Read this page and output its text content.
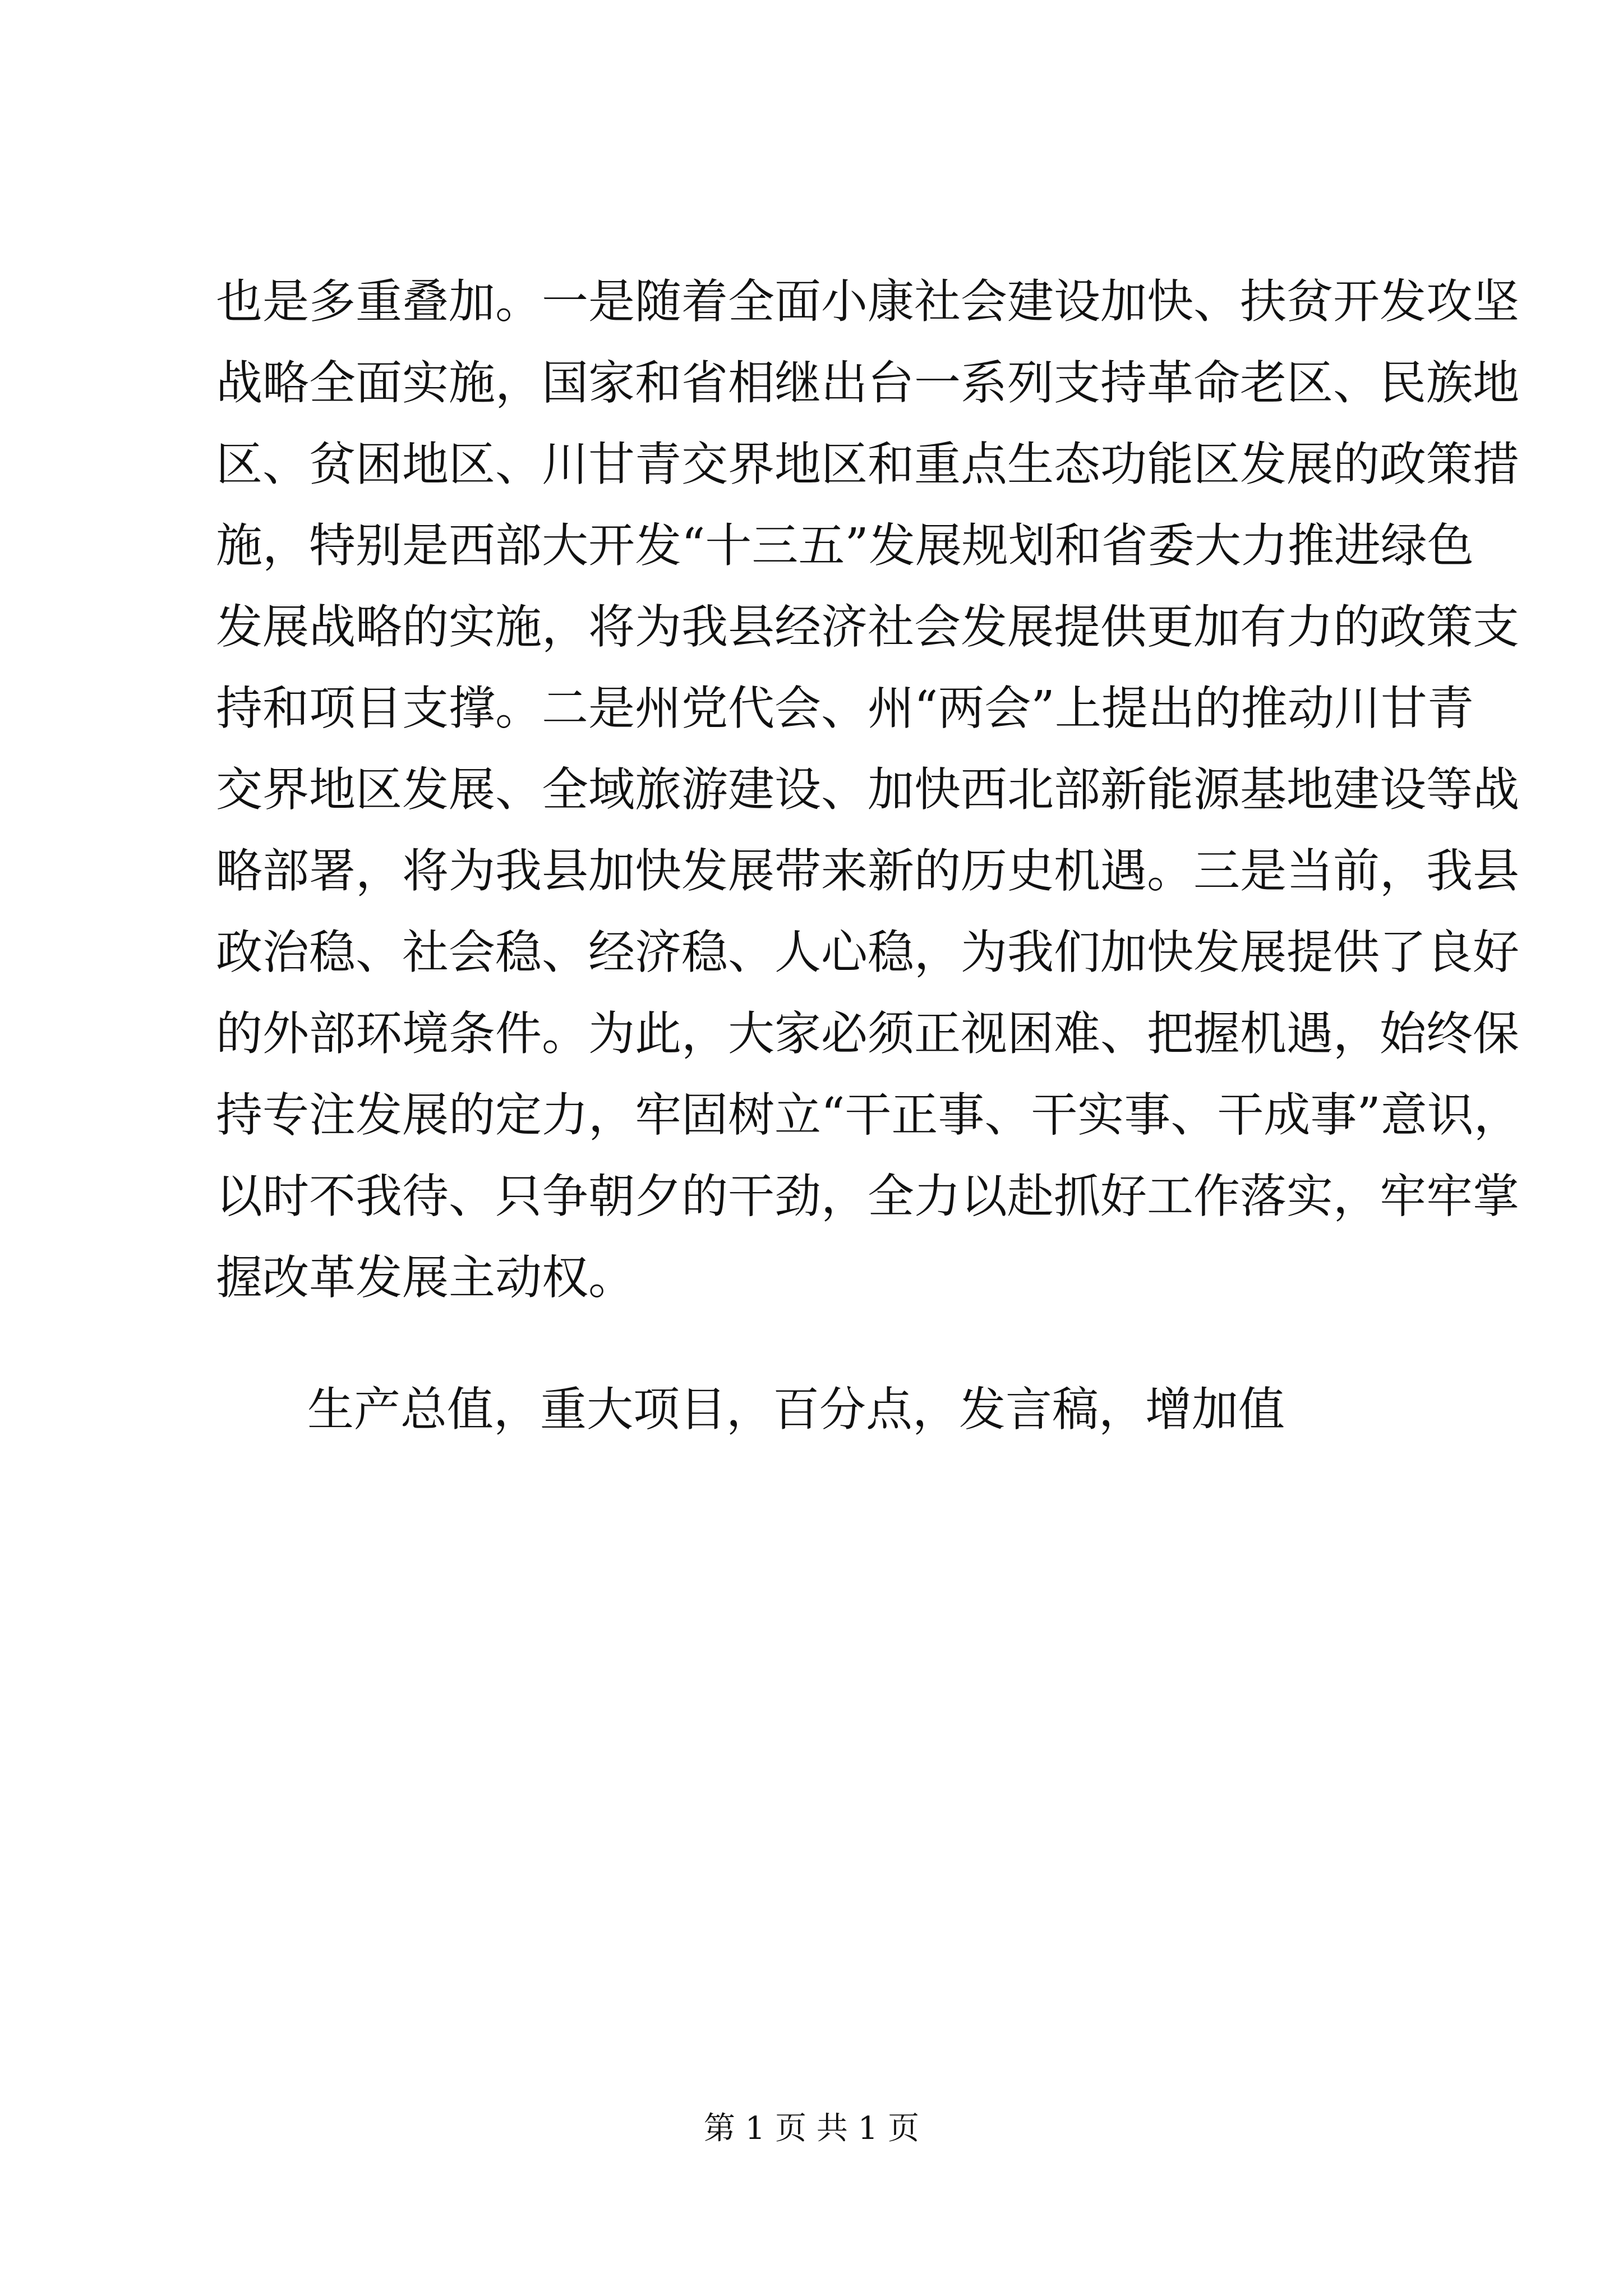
也是多重叠加。一是随着全面小康社会建设加快、扶贫开发攻坚
战略全面实施，国家和省相继出台一系列支持革命老区、民族地
区、贫困地区、川甘青交界地区和重点生态功能区发展的政策措
施，特别是西部大开发“十三五”发展规划和省委大力推进绿色
发展战略的实施，将为我县经济社会发展提供更加有力的政策支
持和项目支撑。二是州党代会、州“两会”上提出的推动川甘青
交界地区发展、全域旅游建设、加快西北部新能源基地建设等战
略部署，将为我县加快发展带来新的历史机遇。三是当前，我县
政治稳、社会稳、经济稳、人心稳，为我们加快发展提供了良好
的外部环境条件。为此，大家必须正视困难、把握机遇，始终保
持专注发展的定力，牢固树立“干正事、干实事、干成事”意识，
以时不我待、只争朝夕的干劲，全力以赴抓好工作落实，牢牢掌
握改革发展主动权。
生产总值，重大项目，百分点，发言稿，增加值
第 1 页 共 1 页
